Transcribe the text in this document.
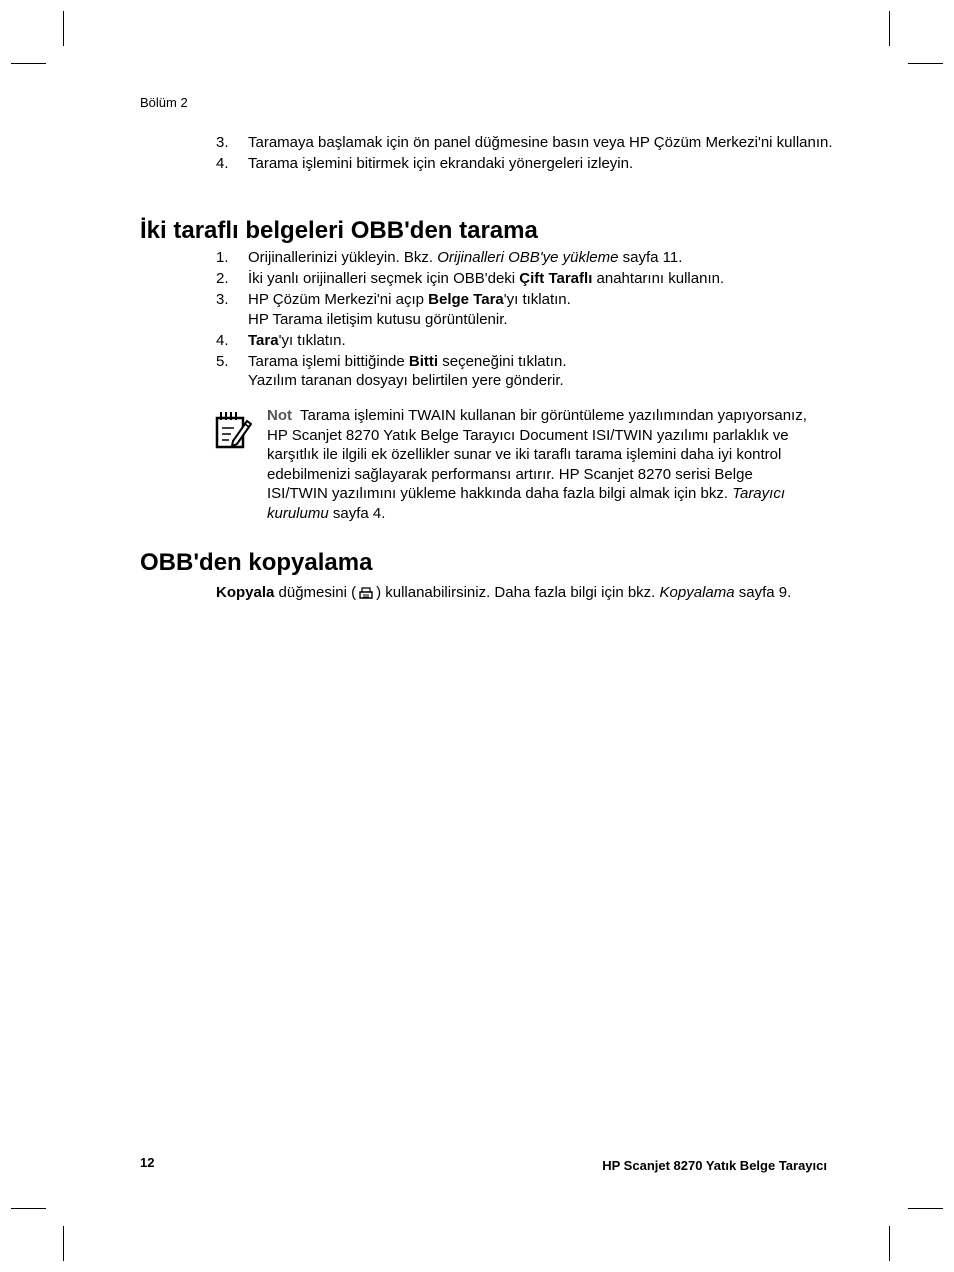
Bölüm 2
3. Taramaya başlamak için ön panel düğmesine basın veya HP Çözüm Merkezi'ni kullanın.
4. Tarama işlemini bitirmek için ekrandaki yönergeleri izleyin.
İki taraflı belgeleri OBB'den tarama
1. Orijinallerinizi yükleyin. Bkz. Orijinalleri OBB'ye yükleme sayfa 11.
2. İki yanlı orijinalleri seçmek için OBB'deki Çift Taraflı anahtarını kullanın.
3. HP Çözüm Merkezi'ni açıp Belge Tara'yı tıklatın.
HP Tarama iletişim kutusu görüntülenir.
4. Tara'yı tıklatın.
5. Tarama işlemi bittiğinde Bitti seçeneğini tıklatın.
Yazılım taranan dosyayı belirtilen yere gönderir.
Not Tarama işlemini TWAIN kullanan bir görüntüleme yazılımından yapıyorsanız, HP Scanjet 8270 Yatık Belge Tarayıcı Document ISI/TWIN yazılımı parlaklık ve karşıtlık ile ilgili ek özellikler sunar ve iki taraflı tarama işlemini daha iyi kontrol edebilmenizi sağlayarak performansı artırır. HP Scanjet 8270 serisi Belge ISI/TWIN yazılımını yükleme hakkında daha fazla bilgi almak için bkz. Tarayıcı kurulumu sayfa 4.
OBB'den kopyalama
Kopyala düğmesini ( ) kullanabilirsiniz. Daha fazla bilgi için bkz. Kopyalama sayfa 9.
12	HP Scanjet 8270 Yatık Belge Tarayıcı
